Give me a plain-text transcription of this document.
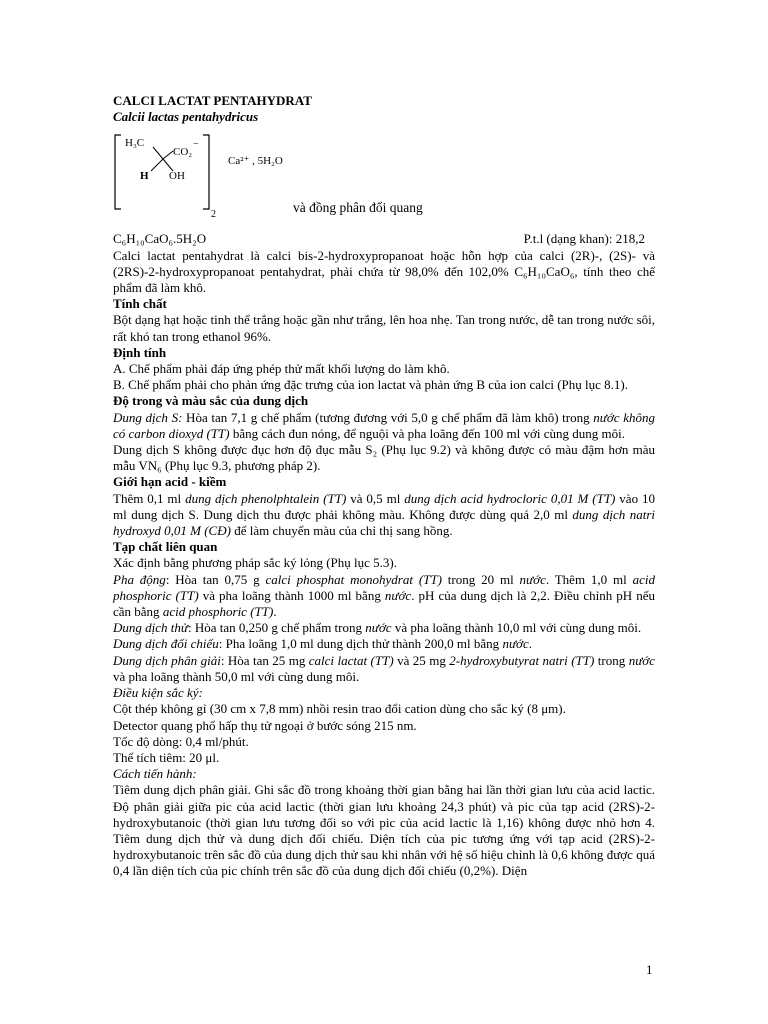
CALCI LACTAT PENTAHYDRAT
Calcii lactas pentahydricus
H₃C
CO₂
−
H OH
Ca²⁺ , 5H₂O
2	và đồng phân đối quang
C₆H₁₀CaO₆.5H₂O	P.t.l (dạng khan): 218,2

Calci lactat pentahydrat là calci bis-2-hydroxypropanoat hoặc hỗn hợp của calci (2R)-, (2S)- và (2RS)-2-hydroxypropanoat pentahydrat, phải chứa từ 98,0% đến 102,0% C₆H₁₀CaO₆, tính theo chế phẩm đã làm khô.

Tính chất

Bột dạng hạt hoặc tinh thể trắng hoặc gần như trắng, lên hoa nhẹ. Tan trong nước, dễ tan trong nước sôi, rất khó tan trong ethanol 96%.

Định tính

A. Chế phẩm phải đáp ứng phép thử mất khối lượng do làm khô.

B. Chế phẩm phải cho phản ứng đặc trưng của ion lactat và phản ứng B của ion calci (Phụ lục 8.1).

Độ trong và màu sắc của dung dịch

Dung dịch S: Hòa tan 7,1 g chế phẩm (tương đương với 5,0 g chế phẩm đã làm khô) trong nước không có carbon dioxyd (TT) bằng cách đun nóng, để nguội và pha loãng đến 100 ml với cùng dung môi.

Dung dịch S không được đục hơn độ đục mẫu S₂ (Phụ lục 9.2) và không được có màu đậm hơn màu mẫu VN₆ (Phụ lục 9.3, phương pháp 2).

Giới hạn acid - kiềm

Thêm 0,1 ml dung dịch phenolphtalein (TT) và 0,5 ml dung dịch acid hydrocloric 0,01 M (TT) vào 10 ml dung dịch S. Dung dịch thu được phải không màu. Không được dùng quá 2,0 ml dung dịch natri hydroxyd 0,01 M (CĐ) để làm chuyển màu của chỉ thị sang hồng.

Tạp chất liên quan

Xác định bằng phương pháp sắc ký lỏng (Phụ lục 5.3).

Pha động: Hòa tan 0,75 g calci phosphat monohydrat (TT) trong 20 ml nước. Thêm 1,0 ml acid phosphoric (TT) và pha loãng thành 1000 ml bằng nước. pH của dung dịch là 2,2. Điều chỉnh pH nếu cần bằng acid phosphoric (TT).

Dung dịch thử: Hòa tan 0,250 g chế phẩm trong nước và pha loãng thành 10,0 ml với cùng dung môi.

Dung dịch đối chiếu: Pha loãng 1,0 ml dung dịch thử thành 200,0 ml bằng nước.

Dung dịch phân giải: Hòa tan 25 mg calci lactat (TT) và 25 mg 2-hydroxybutyrat natri (TT) trong nước và pha loãng thành 50,0 ml với cùng dung môi.

Điều kiện sắc ký:

Cột thép không gỉ (30 cm x 7,8 mm) nhồi resin trao đổi cation dùng cho sắc ký (8 μm).

Detector quang phổ hấp thụ tử ngoại ở bước sóng 215 nm.

Tốc độ dòng: 0,4 ml/phút.

Thể tích tiêm: 20 μl.

Cách tiến hành:

Tiêm dung dịch phân giải. Ghi sắc đồ trong khoảng thời gian bằng hai lần thời gian lưu của acid lactic. Độ phân giải giữa pic của acid lactic (thời gian lưu khoảng 24,3 phút) và pic của tạp acid (2RS)-2-hydroxybutanoic (thời gian lưu tương đối so với pic của acid lactic là 1,16) không được nhỏ hơn 4. Tiêm dung dịch thử và dung dịch đối chiếu. Diện tích của pic tương ứng với tạp acid (2RS)-2-hydroxybutanoic trên sắc đồ của dung dịch thử sau khi nhân với hệ số hiệu chỉnh là 0,6 không được quá 0,4 lần diện tích của pic chính trên sắc đồ của dung dịch đối chiếu (0,2%). Diện

1
